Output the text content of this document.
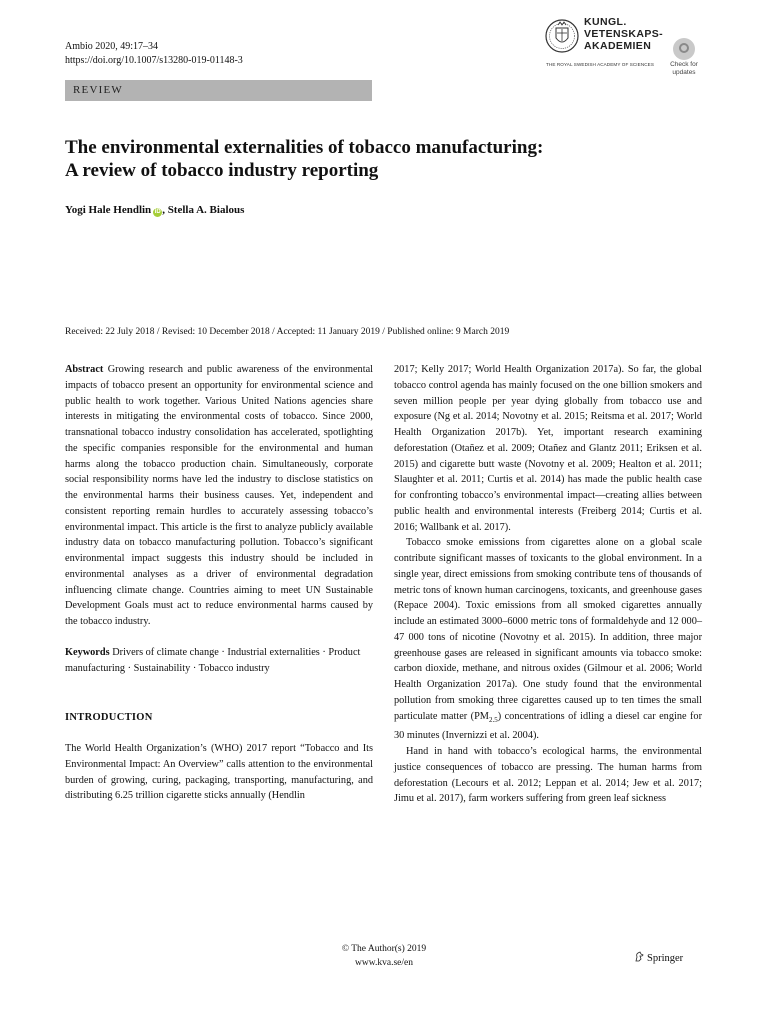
Ambio 2020, 49:17–34
https://doi.org/10.1007/s13280-019-01148-3
REVIEW
KUNGL.
VETENSKAPS-
AKADEMIEN
THE ROYAL SWEDISH ACADEMY OF SCIENCES	Check for
updates
The environmental externalities of tobacco manufacturing:
A review of tobacco industry reporting
Yogi Hale Hendlin iD , Stella A. Bialous
Received: 22 July 2018 / Revised: 10 December 2018 / Accepted: 11 January 2019 / Published online: 9 March 2019

Abstract Growing research and public awareness of the environmental impacts of tobacco present an opportunity for environmental science and public health to work together. Various United Nations agencies share interests in mitigating the environmental costs of tobacco. Since 2000, transnational tobacco industry consolidation has accelerated, spotlighting the specific companies responsible for the environmental and human harms along the tobacco production chain. Simultaneously, corporate social responsibility norms have led the industry to disclose statistics on the environmental harms their business causes. Yet, independent and consistent reporting remain hurdles to accurately assessing tobacco’s environmental impact. This article is the first to analyze publicly available industry data on tobacco manufacturing pollution. Tobacco’s significant environmental impact suggests this industry should be included in environmental analyses as a driver of environmental degradation influencing climate change. Countries aiming to meet UN Sustainable Development Goals must act to reduce environmental harms caused by the tobacco industry.

Keywords Drivers of climate change · Industrial externalities · Product manufacturing · Sustainability · Tobacco industry

INTRODUCTION

The World Health Organization’s (WHO) 2017 report “Tobacco and Its Environmental Impact: An Overview” calls attention to the environmental burden of growing, curing, packaging, transporting, manufacturing, and distributing 6.25 trillion cigarette sticks annually (Hendlin

2017; Kelly 2017; World Health Organization 2017a). So far, the global tobacco control agenda has mainly focused on the one billion smokers and seven million people per year dying globally from tobacco use and exposure (Ng et al. 2014; Novotny et al. 2015; Reitsma et al. 2017; World Health Organization 2017b). Yet, important research examining deforestation (Otañez et al. 2009; Otañez and Glantz 2011; Eriksen et al. 2015) and cigarette butt waste (Novotny et al. 2009; Healton et al. 2011; Slaughter et al. 2011; Curtis et al. 2014) has made the public health case for confronting tobacco’s environmental impact—creating allies between public health and environmental interests (Freiberg 2014; Curtis et al. 2016; Wallbank et al. 2017).

Tobacco smoke emissions from cigarettes alone on a global scale contribute significant masses of toxicants to the global environment. In a single year, direct emissions from smoking contribute tens of thousands of metric tons of known human carcinogens, toxicants, and greenhouse gases (Repace 2004). Toxic emissions from all smoked cigarettes annually include an estimated 3000–6000 metric tons of formaldehyde and 12 000–47 000 tons of nicotine (Novotny et al. 2015). In addition, three major greenhouse gases are released in significant amounts via tobacco smoke: carbon dioxide, methane, and nitrous oxides (Gilmour et al. 2006; World Health Organization 2017a). One study found that the environmental pollution from smoking three cigarettes caused up to ten times the small particulate matter $(PM_{2.5})$ concentrations of idling a diesel car engine for 30 minutes (Invernizzi et al. 2004).

Hand in hand with tobacco’s ecological harms, the environmental justice consequences of tobacco are pressing. The human harms from deforestation (Lecours et al. 2012; Leppan et al. 2014; Jew et al. 2017; Jimu et al. 2017), farm workers suffering from green leaf sickness

© The Author(s) 2019
www.kva.se/en	Springer
